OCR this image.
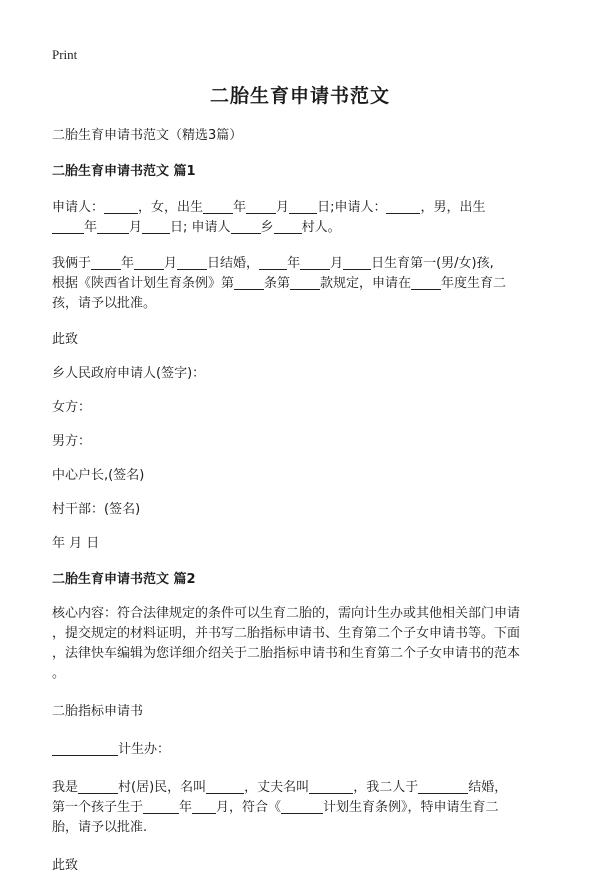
Print
二胎生育申请书范文

二胎生育申请书范文（精选3篇）

二胎生育申请书范文 篇1

申请人：	，女，出生 年 月 日;申请人：	，男，出生
年 月 日; 申请人 乡 村人。

我俩于 年 月 日结婚， 年 月 日生育第一(男/女)孩,
根据《陕西省计划生育条例》第 条第 款规定，申请在 年度生育二
孩，请予以批准。

此致

乡人民政府申请人(签字)：

女方：

男方：

中心户长,(签名)

村干部：(签名)

年 月 日

二胎生育申请书范文 篇2

核心内容：符合法律规定的条件可以生育二胎的，需向计生办或其他相关部门申请
，提交规定的材料证明，并书写二胎指标申请书、生育第二个子女申请书等。下面
，法律快车编辑为您详细介绍关于二胎指标申请书和生育第二个子女申请书的范本
。

二胎指标申请书

计生办：

我是	村(居)民，名叫	，丈夫名叫	，我二人于	结婚，
第一个孩子生于	年 月，符合《	计划生育条例》，特申请生育二
胎，请予以批准.

此致
